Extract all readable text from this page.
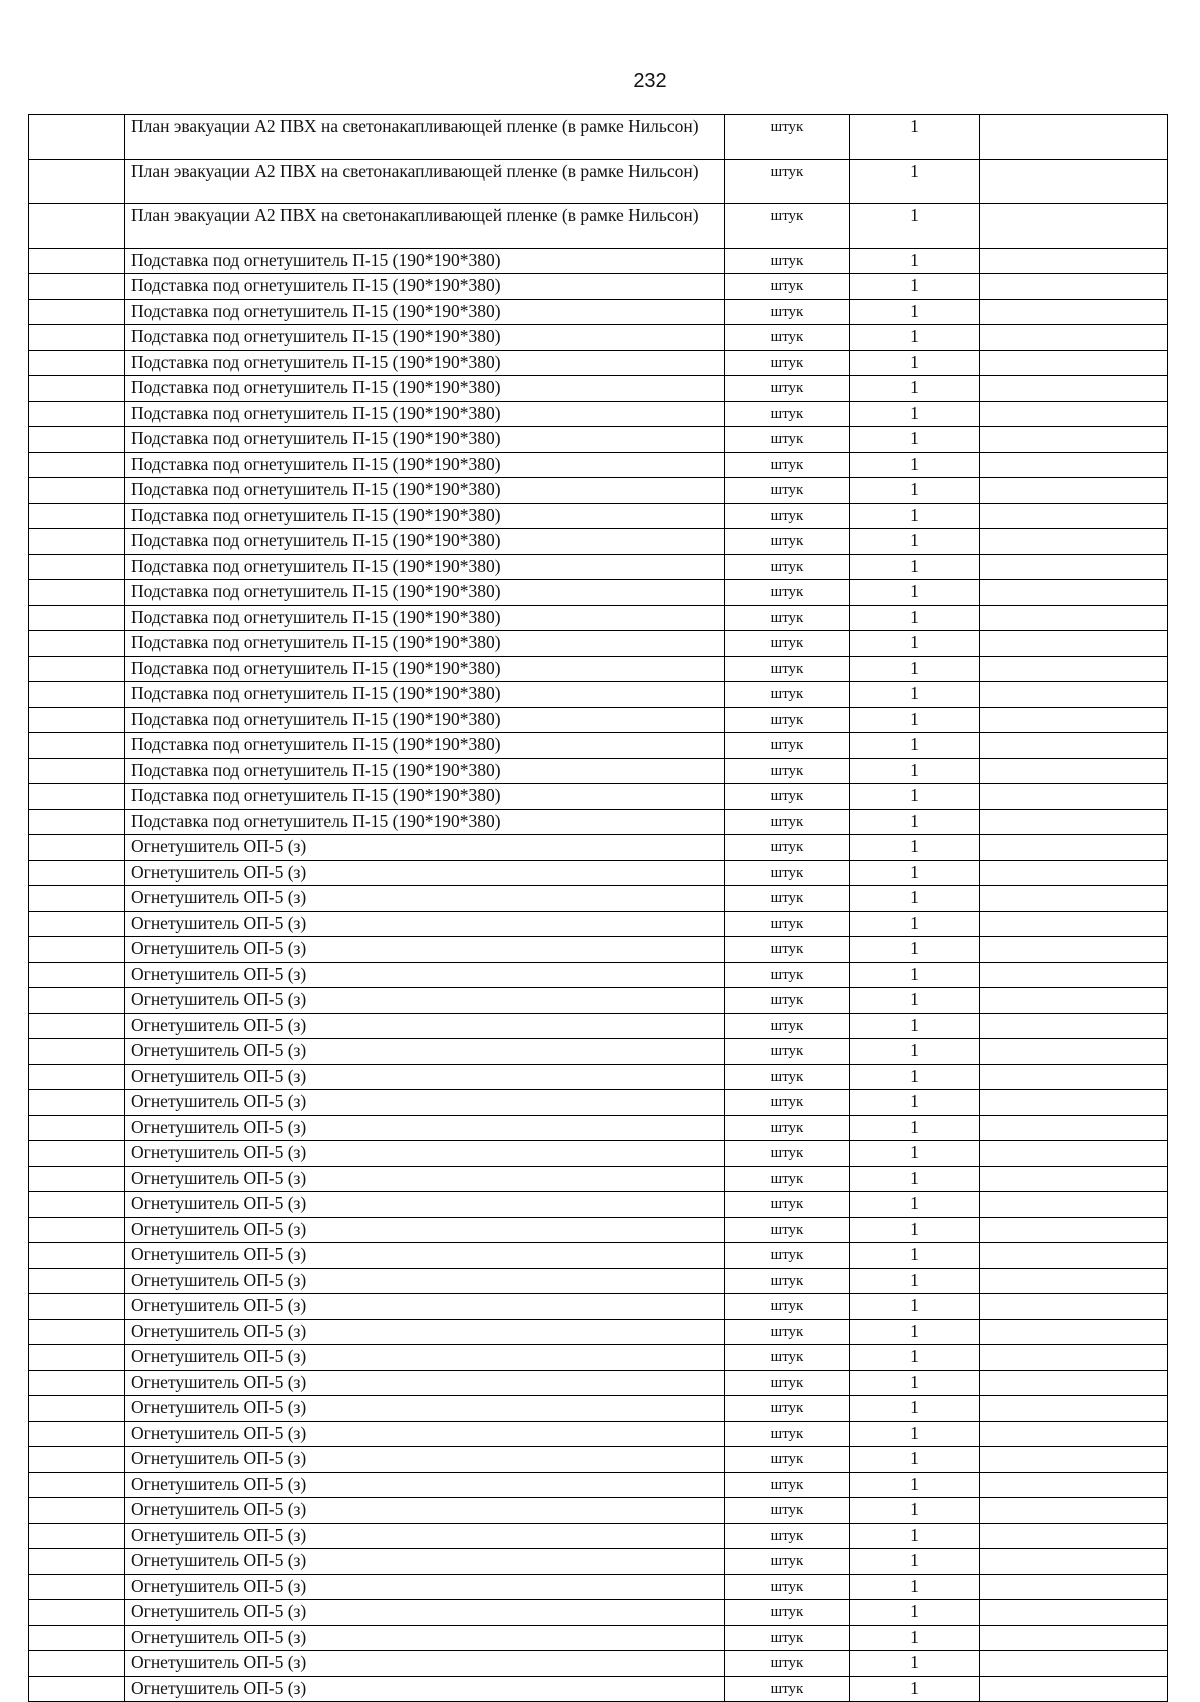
232
	План эвакуации А2 ПВХ на светонакапливающей пленке (в рамке Нильсон)	штук	1	
	План эвакуации А2 ПВХ на светонакапливающей пленке (в рамке Нильсон)	штук	1	
	План эвакуации А2 ПВХ на светонакапливающей пленке (в рамке Нильсон)	штук	1	
	Подставка под огнетушитель П-15 (190*190*380)	штук	1	
	Подставка под огнетушитель П-15 (190*190*380)	штук	1	
	Подставка под огнетушитель П-15 (190*190*380)	штук	1	
	Подставка под огнетушитель П-15 (190*190*380)	штук	1	
	Подставка под огнетушитель П-15 (190*190*380)	штук	1	
	Подставка под огнетушитель П-15 (190*190*380)	штук	1	
	Подставка под огнетушитель П-15 (190*190*380)	штук	1	
	Подставка под огнетушитель П-15 (190*190*380)	штук	1	
	Подставка под огнетушитель П-15 (190*190*380)	штук	1	
	Подставка под огнетушитель П-15 (190*190*380)	штук	1	
	Подставка под огнетушитель П-15 (190*190*380)	штук	1	
	Подставка под огнетушитель П-15 (190*190*380)	штук	1	
	Подставка под огнетушитель П-15 (190*190*380)	штук	1	
	Подставка под огнетушитель П-15 (190*190*380)	штук	1	
	Подставка под огнетушитель П-15 (190*190*380)	штук	1	
	Подставка под огнетушитель П-15 (190*190*380)	штук	1	
	Подставка под огнетушитель П-15 (190*190*380)	штук	1	
	Подставка под огнетушитель П-15 (190*190*380)	штук	1	
	Подставка под огнетушитель П-15 (190*190*380)	штук	1	
	Подставка под огнетушитель П-15 (190*190*380)	штук	1	
	Подставка под огнетушитель П-15 (190*190*380)	штук	1	
	Подставка под огнетушитель П-15 (190*190*380)	штук	1	
	Подставка под огнетушитель П-15 (190*190*380)	штук	1	
	Огнетушитель ОП-5 (з)	штук	1	
	Огнетушитель ОП-5 (з)	штук	1	
	Огнетушитель ОП-5 (з)	штук	1	
	Огнетушитель ОП-5 (з)	штук	1	
	Огнетушитель ОП-5 (з)	штук	1	
	Огнетушитель ОП-5 (з)	штук	1	
	Огнетушитель ОП-5 (з)	штук	1	
	Огнетушитель ОП-5 (з)	штук	1	
	Огнетушитель ОП-5 (з)	штук	1	
	Огнетушитель ОП-5 (з)	штук	1	
	Огнетушитель ОП-5 (з)	штук	1	
	Огнетушитель ОП-5 (з)	штук	1	
	Огнетушитель ОП-5 (з)	штук	1	
	Огнетушитель ОП-5 (з)	штук	1	
	Огнетушитель ОП-5 (з)	штук	1	
	Огнетушитель ОП-5 (з)	штук	1	
	Огнетушитель ОП-5 (з)	штук	1	
	Огнетушитель ОП-5 (з)	штук	1	
	Огнетушитель ОП-5 (з)	штук	1	
	Огнетушитель ОП-5 (з)	штук	1	
	Огнетушитель ОП-5 (з)	штук	1	
	Огнетушитель ОП-5 (з)	штук	1	
	Огнетушитель ОП-5 (з)	штук	1	
	Огнетушитель ОП-5 (з)	штук	1	
	Огнетушитель ОП-5 (з)	штук	1	
	Огнетушитель ОП-5 (з)	штук	1	
	Огнетушитель ОП-5 (з)	штук	1	
	Огнетушитель ОП-5 (з)	штук	1	
	Огнетушитель ОП-5 (з)	штук	1	
	Огнетушитель ОП-5 (з)	штук	1	
	Огнетушитель ОП-5 (з)	штук	1	
	Огнетушитель ОП-5 (з)	штук	1	
	Огнетушитель ОП-5 (з)	штук	1	
	Огнетушитель ОП-5 (з)	штук	1	
